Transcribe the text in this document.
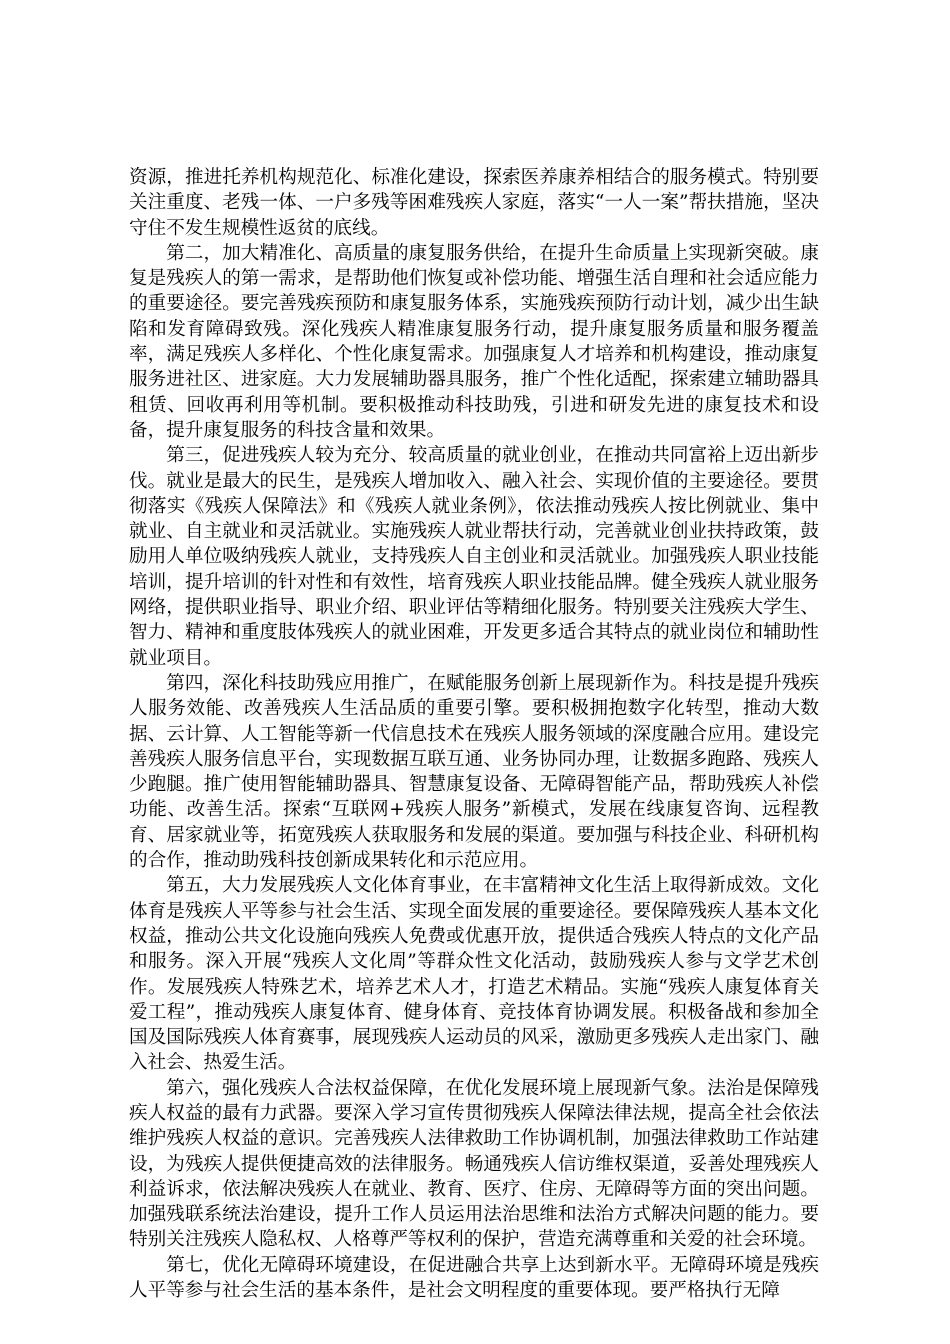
资源，推进托养机构规范化、标准化建设，探索医养康养相结合的服务模式。特别要关注重度、老残一体、一户多残等困难残疾人家庭，落实“一人一案”帮扶措施，坚决守住不发生规模性返贫的底线。

第二，加大精准化、高质量的康复服务供给，在提升生命质量上实现新突破。康复是残疾人的第一需求，是帮助他们恢复或补偿功能、增强生活自理和社会适应能力的重要途径。要完善残疾预防和康复服务体系，实施残疾预防行动计划，减少出生缺陷和发育障碍致残。深化残疾人精准康复服务行动，提升康复服务质量和服务覆盖率，满足残疾人多样化、个性化康复需求。加强康复人才培养和机构建设，推动康复服务进社区、进家庭。大力发展辅助器具服务，推广个性化适配，探索建立辅助器具租赁、回收再利用等机制。要积极推动科技助残，引进和研发先进的康复技术和设备，提升康复服务的科技含量和效果。

第三，促进残疾人较为充分、较高质量的就业创业，在推动共同富裕上迈出新步伐。就业是最大的民生，是残疾人增加收入、融入社会、实现价值的主要途径。要贯彻落实《残疾人保障法》和《残疾人就业条例》，依法推动残疾人按比例就业、集中就业、自主就业和灵活就业。实施残疾人就业帮扶行动，完善就业创业扶持政策，鼓励用人单位吸纳残疾人就业，支持残疾人自主创业和灵活就业。加强残疾人职业技能培训，提升培训的针对性和有效性，培育残疾人职业技能品牌。健全残疾人就业服务网络，提供职业指导、职业介绍、职业评估等精细化服务。特别要关注残疾大学生、智力、精神和重度肢体残疾人的就业困难，开发更多适合其特点的就业岗位和辅助性就业项目。

第四，深化科技助残应用推广，在赋能服务创新上展现新作为。科技是提升残疾人服务效能、改善残疾人生活品质的重要引擎。要积极拥抱数字化转型，推动大数据、云计算、人工智能等新一代信息技术在残疾人服务领域的深度融合应用。建设完善残疾人服务信息平台，实现数据互联互通、业务协同办理，让数据多跑路、残疾人少跑腿。推广使用智能辅助器具、智慧康复设备、无障碍智能产品，帮助残疾人补偿功能、改善生活。探索“互联网+残疾人服务”新模式，发展在线康复咨询、远程教育、居家就业等，拓宽残疾人获取服务和发展的渠道。要加强与科技企业、科研机构的合作，推动助残科技创新成果转化和示范应用。

第五，大力发展残疾人文化体育事业，在丰富精神文化生活上取得新成效。文化体育是残疾人平等参与社会生活、实现全面发展的重要途径。要保障残疾人基本文化权益，推动公共文化设施向残疾人免费或优惠开放，提供适合残疾人特点的文化产品和服务。深入开展“残疾人文化周”等群众性文化活动，鼓励残疾人参与文学艺术创作。发展残疾人特殊艺术，培养艺术人才，打造艺术精品。实施“残疾人康复体育关爱工程”，推动残疾人康复体育、健身体育、竞技体育协调发展。积极备战和参加全国及国际残疾人体育赛事，展现残疾人运动员的风采，激励更多残疾人走出家门、融入社会、热爱生活。

第六，强化残疾人合法权益保障，在优化发展环境上展现新气象。法治是保障残疾人权益的最有力武器。要深入学习宣传贯彻残疾人保障法律法规，提高全社会依法维护残疾人权益的意识。完善残疾人法律救助工作协调机制，加强法律救助工作站建设，为残疾人提供便捷高效的法律服务。畅通残疾人信访维权渠道，妥善处理残疾人利益诉求，依法解决残疾人在就业、教育、医疗、住房、无障碍等方面的突出问题。加强残联系统法治建设，提升工作人员运用法治思维和法治方式解决问题的能力。要特别关注残疾人隐私权、人格尊严等权利的保护，营造充满尊重和关爱的社会环境。

第七，优化无障碍环境建设，在促进融合共享上达到新水平。无障碍环境是残疾人平等参与社会生活的基本条件，是社会文明程度的重要体现。要严格执行无障
